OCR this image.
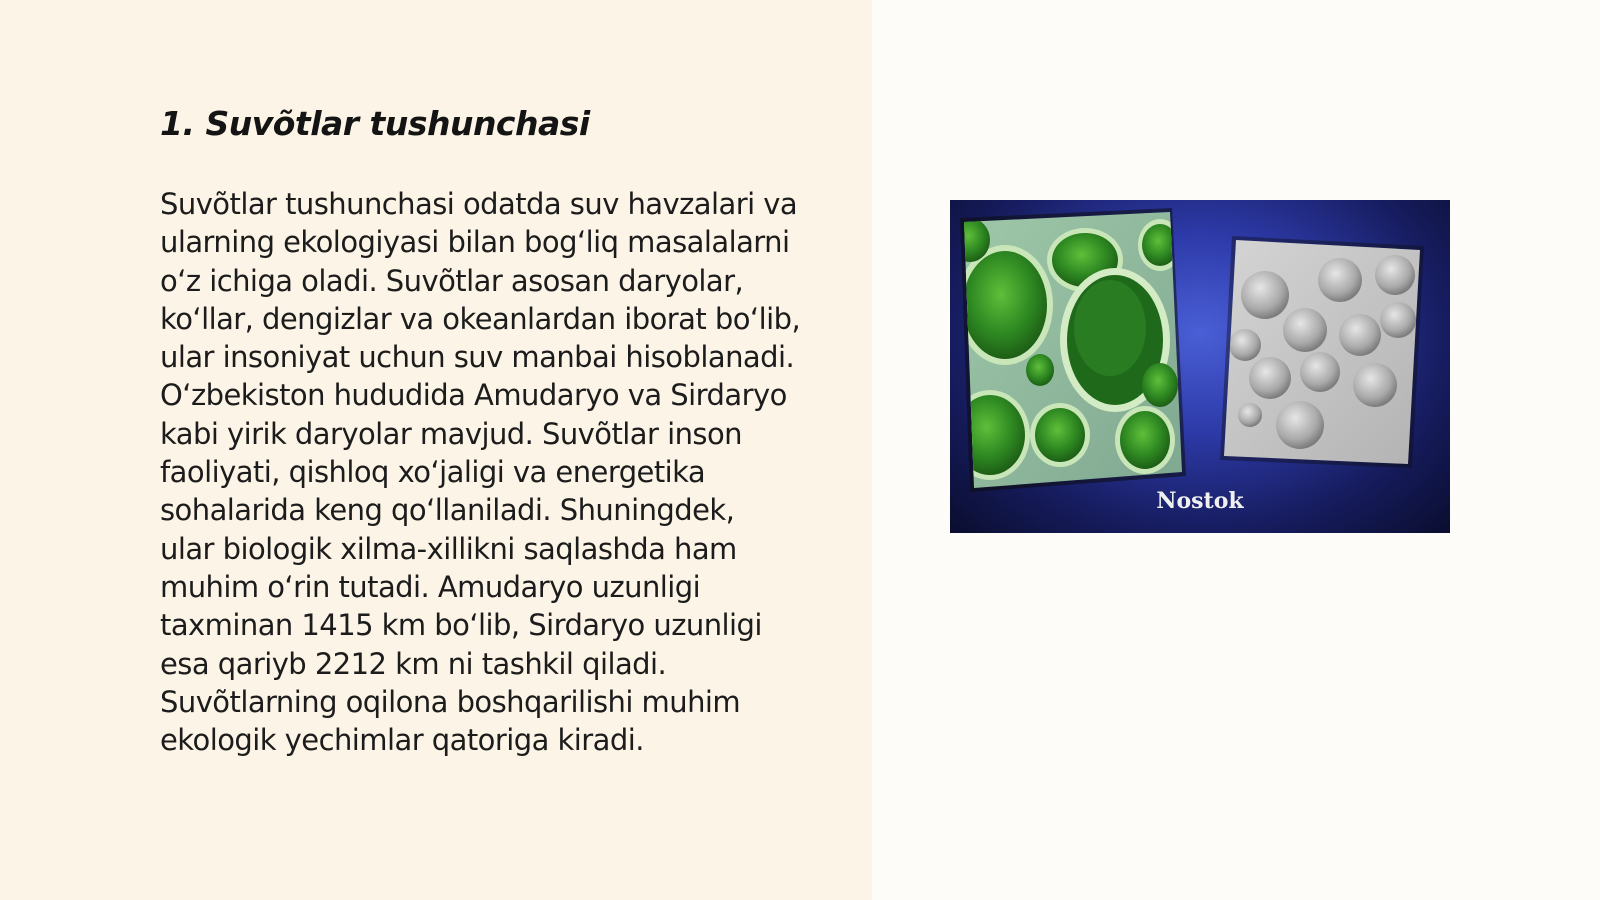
1. Suvõtlar tushunchasi

Suvõtlar tushunchasi odatda suv havzalari va
ularning ekologiyasi bilan bog‘liq masalalarni
o‘z ichiga oladi. Suvõtlar asosan daryolar,
ko‘llar, dengizlar va okeanlardan iborat bo‘lib,
ular insoniyat uchun suv manbai hisoblanadi.
O‘zbekiston hududida Amudaryo va Sirdaryo
kabi yirik daryolar mavjud. Suvõtlar inson
faoliyati, qishloq xo‘jaligi va energetika
sohalarida keng qo‘llaniladi. Shuningdek,
ular biologik xilma-xillikni saqlashda ham
muhim o‘rin tutadi. Amudaryo uzunligi
taxminan 1415 km bo‘lib, Sirdaryo uzunligi
esa qariyb 2212 km ni tashkil qiladi.
Suvõtlarning oqilona boshqarilishi muhim
ekologik yechimlar qatoriga kiradi.

Nostok
